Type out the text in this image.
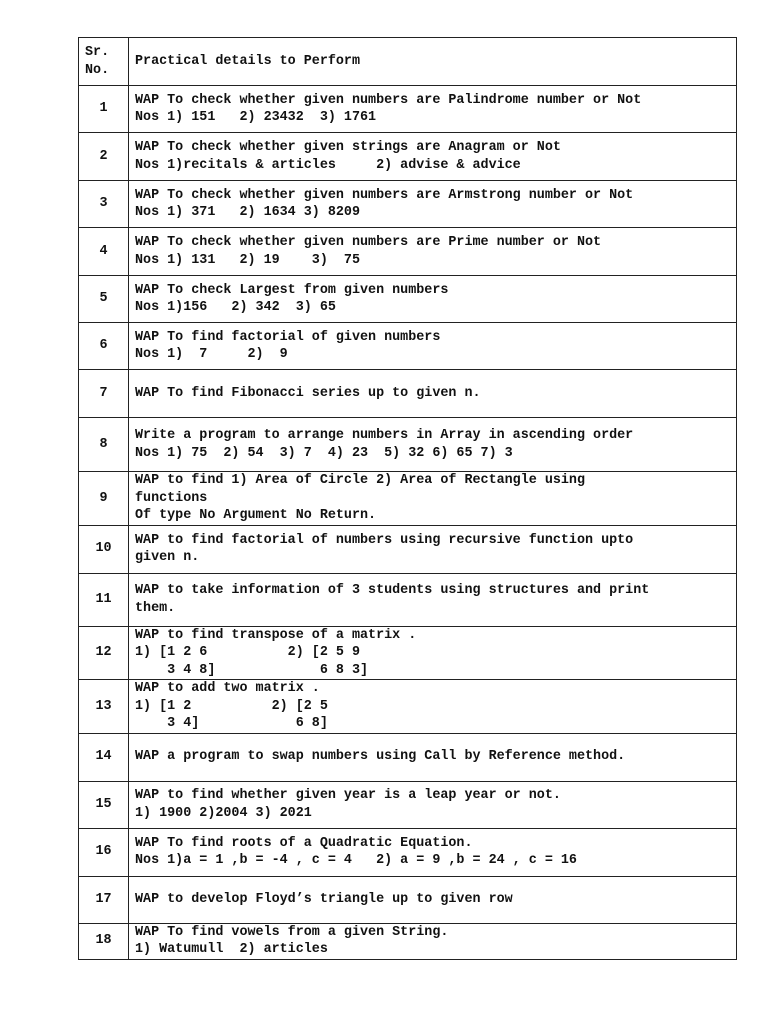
Sr.
No.	Practical details to Perform
1	WAP To check whether given numbers are Palindrome number or Not
Nos 1) 151   2) 23432  3) 1761

2	WAP To check whether given strings are Anagram or Not
Nos 1)recitals & articles     2) advise & advice

3	WAP To check whether given numbers are Armstrong number or Not
Nos 1) 371   2) 1634 3) 8209

4	WAP To check whether given numbers are Prime number or Not
Nos 1) 131   2) 19    3)  75

5	WAP To check Largest from given numbers
Nos 1)156   2) 342  3) 65

6	WAP To find factorial of given numbers
Nos 1)  7     2)  9

7	WAP To find Fibonacci series up to given n.

8	Write a program to arrange numbers in Array in ascending order
Nos 1) 75  2) 54  3) 7  4) 23  5) 32 6) 65 7) 3

9	WAP to find 1) Area of Circle 2) Area of Rectangle using
functions
Of type No Argument No Return.

10	WAP to find factorial of numbers using recursive function upto
given n.

11	WAP to take information of 3 students using structures and print
them.

12	WAP to find transpose of a matrix .
1) [1 2 6          2) [2 5 9
3 4 8]             6 8 3]

13	WAP to add two matrix .
1) [1 2          2) [2 5
3 4]            6 8]

14	WAP a program to swap numbers using Call by Reference method.

15	WAP to find whether given year is a leap year or not.
1) 1900 2)2004 3) 2021

16	WAP To find roots of a Quadratic Equation.
Nos 1)a = 1 ,b = -4 , c = 4   2) a = 9 ,b = 24 , c = 16

17	WAP to develop Floyd’s triangle up to given row

18	WAP To find vowels from a given String.
1) Watumull  2) articles
